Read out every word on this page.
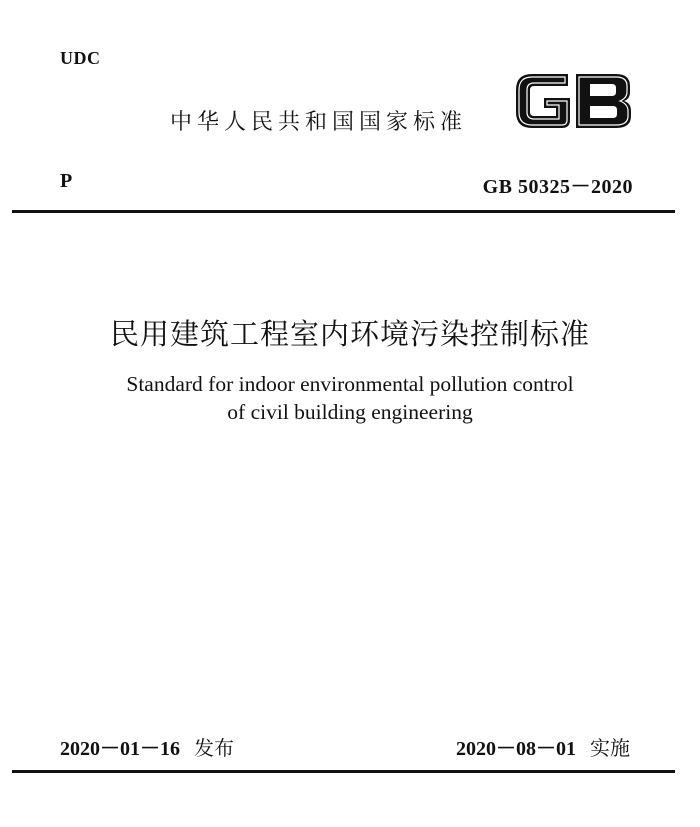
UDC
中华人民共和国国家标准
P	GB 50325－2020
民用建筑工程室内环境污染控制标准
Standard for indoor environmental pollution control
of civil building engineering
2020－01－16 发布	2020－08－01 实施
